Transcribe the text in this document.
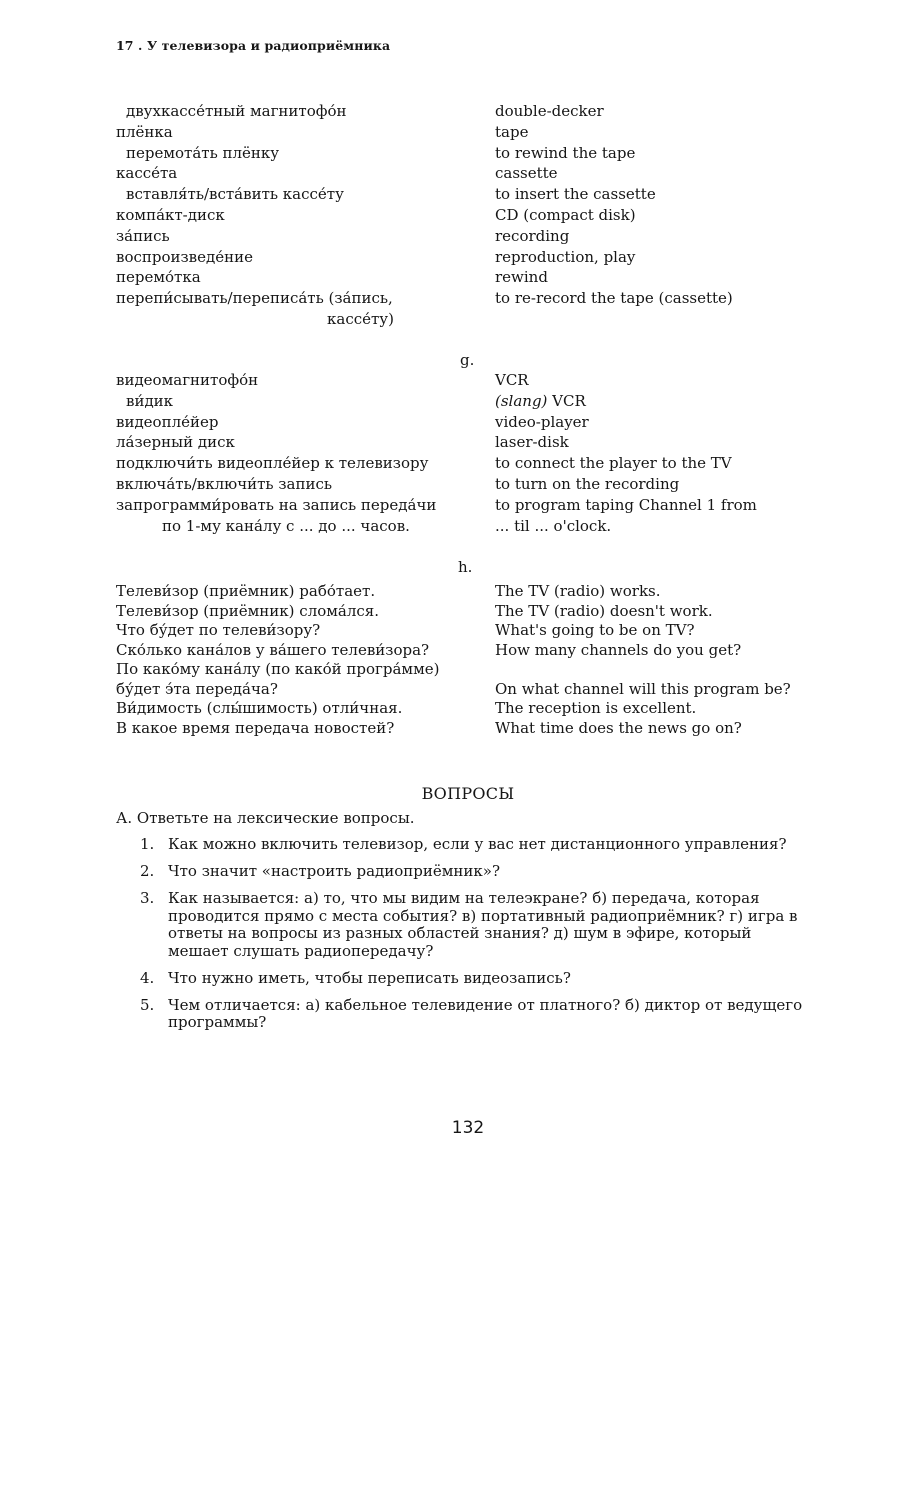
17 . У телевизора и радиоприёмника
двухкассе́тный магнитофо́н	double-decker
плёнка	tape
перемота́ть плёнку	to rewind the tape
кассе́та	cassette
вставля́ть/вста́вить кассе́ту	to insert the cassette
компа́кт-диск	CD (compact disk)
за́пись	recording
воспроизведе́ние	reproduction, play
перемо́тка	rewind
перепи́сывать/переписа́ть (за́пись,	to re-record the tape (cassette)
кассе́ту)
g.
видеомагнитофо́н	VCR
ви́дик	(slang) VCR
видеопле́йер	video-player
ла́зерный диск	laser-disk
подключи́ть видеопле́йер к телевизору	to connect the player to the TV
включа́ть/включи́ть запись	to turn on the recording
запрограмми́ровать на запись переда́чи	to program taping Channel 1 from
по 1-му кана́лу с ... до ... часов.	... til ... o'clock.
h.
Телеви́зор (приёмник) рабо́тает.	The TV (radio) works.
Телеви́зор (приёмник) слома́лся.	The TV (radio) doesn't work.
Что бу́дет по телеви́зору?	What's going to be on TV?
Ско́лько кана́лов у ва́шего телеви́зора?	How many channels do you get?
По како́му кана́лу (по како́й програ́мме)
бу́дет э́та переда́ча?	On what channel will this program be?
Ви́димость (слы́шимость) отли́чная.	The reception is excellent.
В какое время передача новостей?	What time does the news go on?
ВОПРОСЫ
А. Ответьте на лексические вопросы.
1. Как можно включить телевизор, если у вас нет дистанционного управления?
2. Что значит «настроить радиоприёмник»?
3. Как называется: а) то, что мы видим на телеэкране? б) передача, которая проводится прямо с места события? в) портативный радиоприёмник? г) игра в ответы на вопросы из разных областей знания? д) шум в эфире, который мешает слушать радиопередачу?
4. Что нужно иметь, чтобы переписать видеозапись?
5. Чем отличается: а) кабельное телевидение от платного? б) диктор от ведущего программы?
132
